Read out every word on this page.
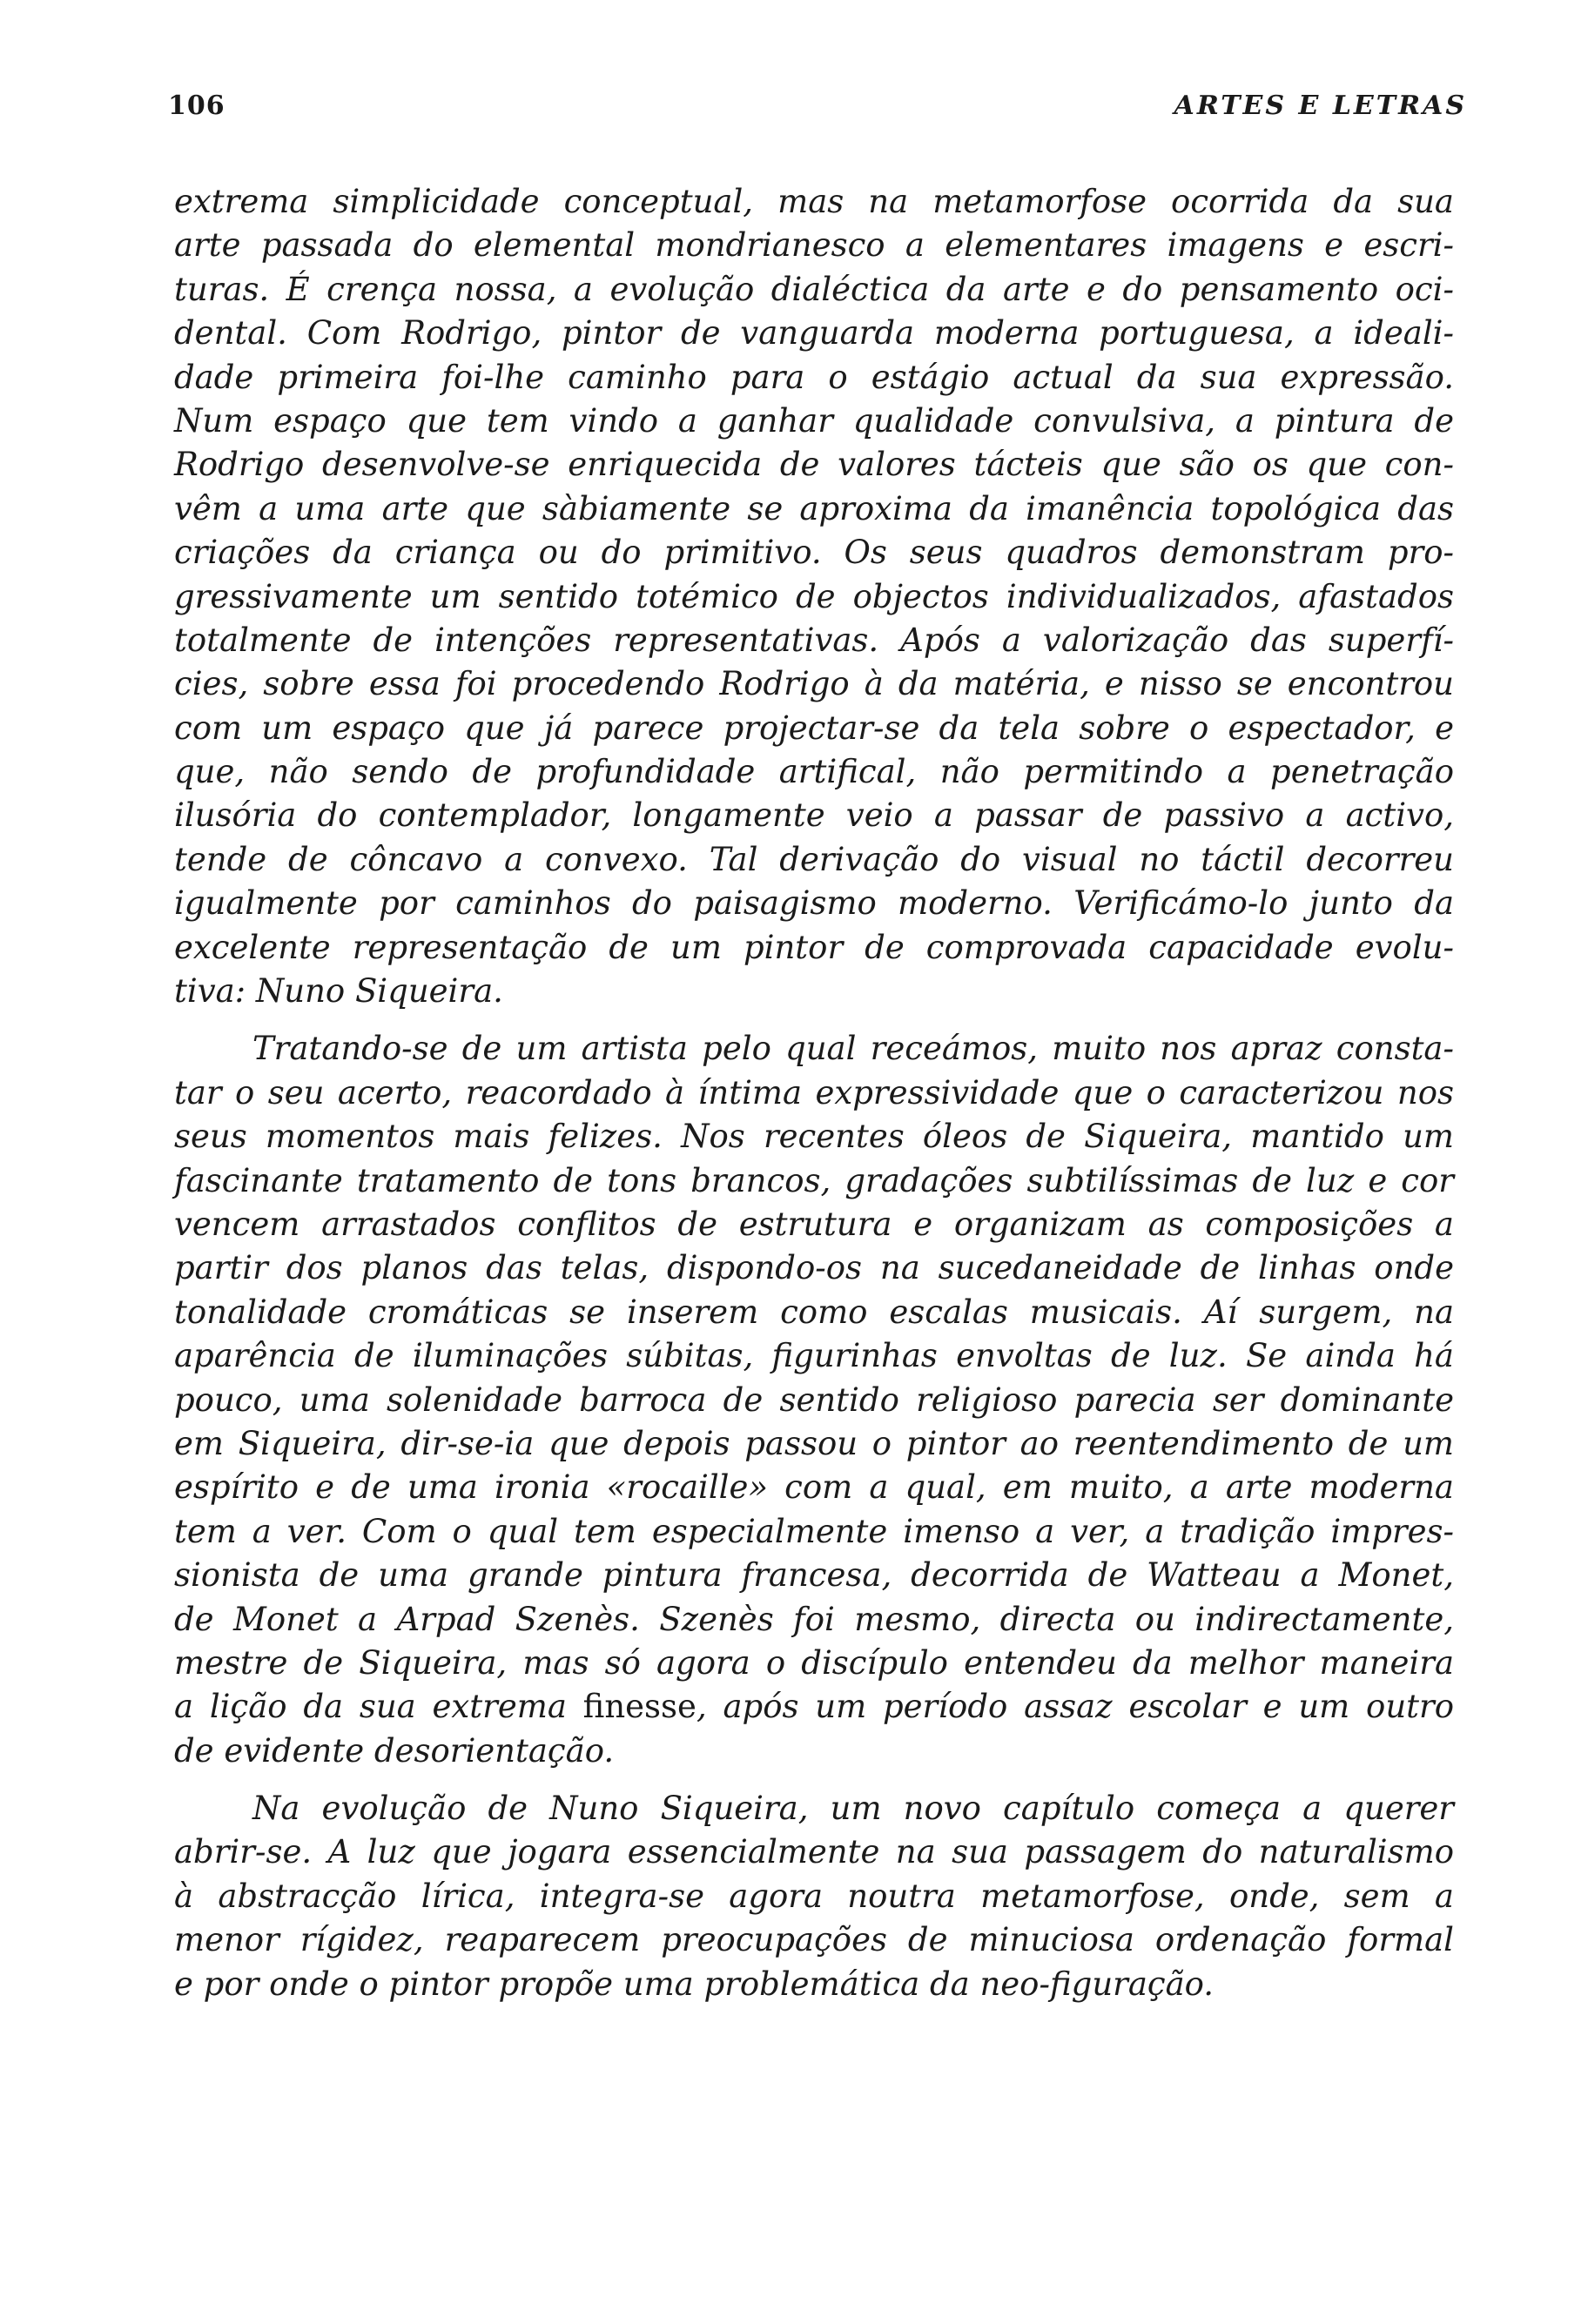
106	ARTES E LETRAS
extrema simplicidade conceptual, mas na metamorfose ocorrida da sua
arte passada do elemental mondrianesco a elementares imagens e escri-
turas. É crença nossa, a evolução dialéctica da arte e do pensamento oci-
dental. Com Rodrigo, pintor de vanguarda moderna portuguesa, a ideali-
dade primeira foi-lhe caminho para o estágio actual da sua expressão.
Num espaço que tem vindo a ganhar qualidade convulsiva, a pintura de
Rodrigo desenvolve-se enriquecida de valores tácteis que são os que con-
vêm a uma arte que sàbiamente se aproxima da imanência topológica das
criações da criança ou do primitivo. Os seus quadros demonstram pro-
gressivamente um sentido totémico de objectos individualizados, afastados
totalmente de intenções representativas. Após a valorização das superfí-
cies, sobre essa foi procedendo Rodrigo à da matéria, e nisso se encontrou
com um espaço que já parece projectar-se da tela sobre o espectador, e
que, não sendo de profundidade artifical, não permitindo a penetração
ilusória do contemplador, longamente veio a passar de passivo a activo,
tende de côncavo a convexo. Tal derivação do visual no táctil decorreu
igualmente por caminhos do paisagismo moderno. Verificámo-lo junto da
excelente representação de um pintor de comprovada capacidade evolu-
tiva: Nuno Siqueira.
Tratando-se de um artista pelo qual receámos, muito nos apraz consta-
tar o seu acerto, reacordado à íntima expressividade que o caracterizou nos
seus momentos mais felizes. Nos recentes óleos de Siqueira, mantido um
fascinante tratamento de tons brancos, gradações subtilíssimas de luz e cor
vencem arrastados conflitos de estrutura e organizam as composições a
partir dos planos das telas, dispondo-os na sucedaneidade de linhas onde
tonalidade cromáticas se inserem como escalas musicais. Aí surgem, na
aparência de iluminações súbitas, figurinhas envoltas de luz. Se ainda há
pouco, uma solenidade barroca de sentido religioso parecia ser dominante
em Siqueira, dir-se-ia que depois passou o pintor ao reentendimento de um
espírito e de uma ironia «rocaille» com a qual, em muito, a arte moderna
tem a ver. Com o qual tem especialmente imenso a ver, a tradição impres-
sionista de uma grande pintura francesa, decorrida de Watteau a Monet,
de Monet a Arpad Szenès. Szenès foi mesmo, directa ou indirectamente,
mestre de Siqueira, mas só agora o discípulo entendeu da melhor maneira
a lição da sua extrema finesse, após um período assaz escolar e um outro
de evidente desorientação.
Na evolução de Nuno Siqueira, um novo capítulo começa a querer
abrir-se. A luz que jogara essencialmente na sua passagem do naturalismo
à abstracção lírica, integra-se agora noutra metamorfose, onde, sem a
menor rígidez, reaparecem preocupações de minuciosa ordenação formal
e por onde o pintor propõe uma problemática da neo-figuração.
